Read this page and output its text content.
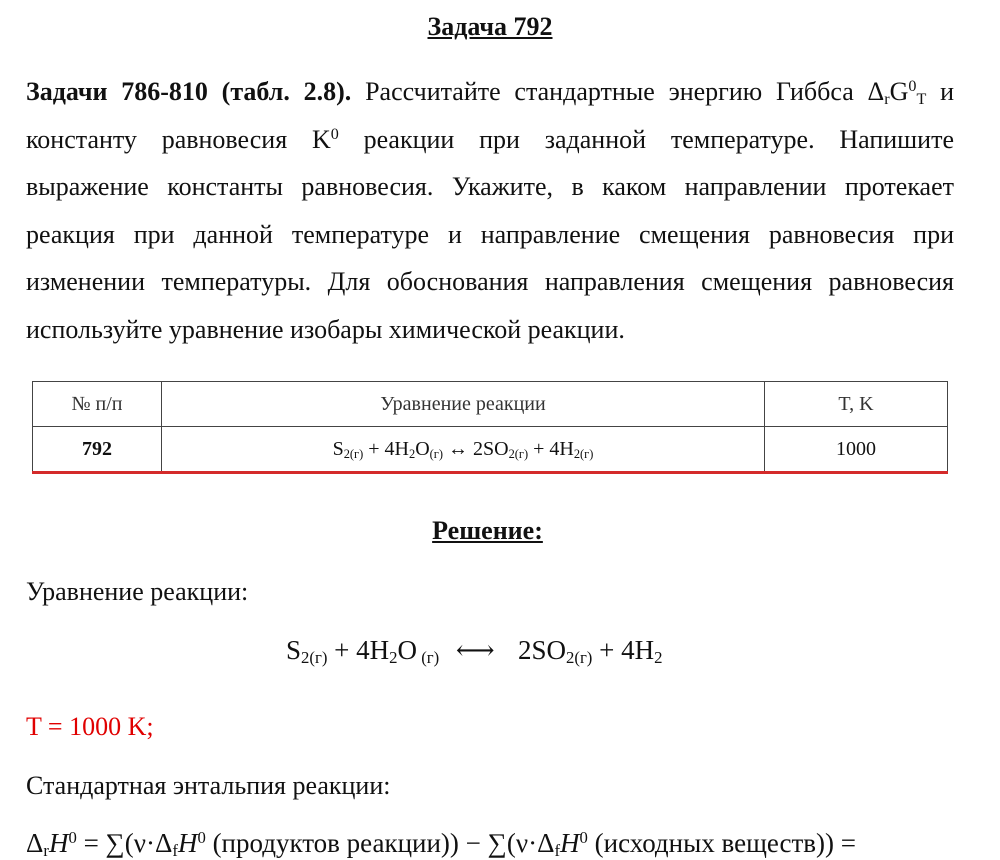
Задача 792
Задачи 786-810 (табл. 2.8). Рассчитайте стандартные энергию Гиббса $\Delta_rG^0_T$ и константу равновесия $K^0$ реакции при заданной температуре. Напишите выражение константы равновесия. Укажите, в каком направлении протекает реакция при данной температуре и направление смещения равновесия при изменении температуры. Для обоснования направления смещения равновесия используйте уравнение изобары химической реакции.
№ п/п	Уравнение реакции	T, K
792	$S_{2(г)} + 4H_2O_{(г)}$ ↔ $2SO_{2(г)} + 4H_{2(г)}$	1000
Решение:
Уравнение реакции:
$S_{2(г)} + 4H_2O$ $_{(г)}$ ⟷ $2SO_{2(г)} + 4H_2$
T = 1000 K;
Стандартная энтальпия реакции:
$\Delta_rH^0 = \sum(\nu\cdot\Delta_fH^0$ (продуктов реакции)) − $\sum(\nu\cdot\Delta_fH^0$ (исходных веществ)) =
